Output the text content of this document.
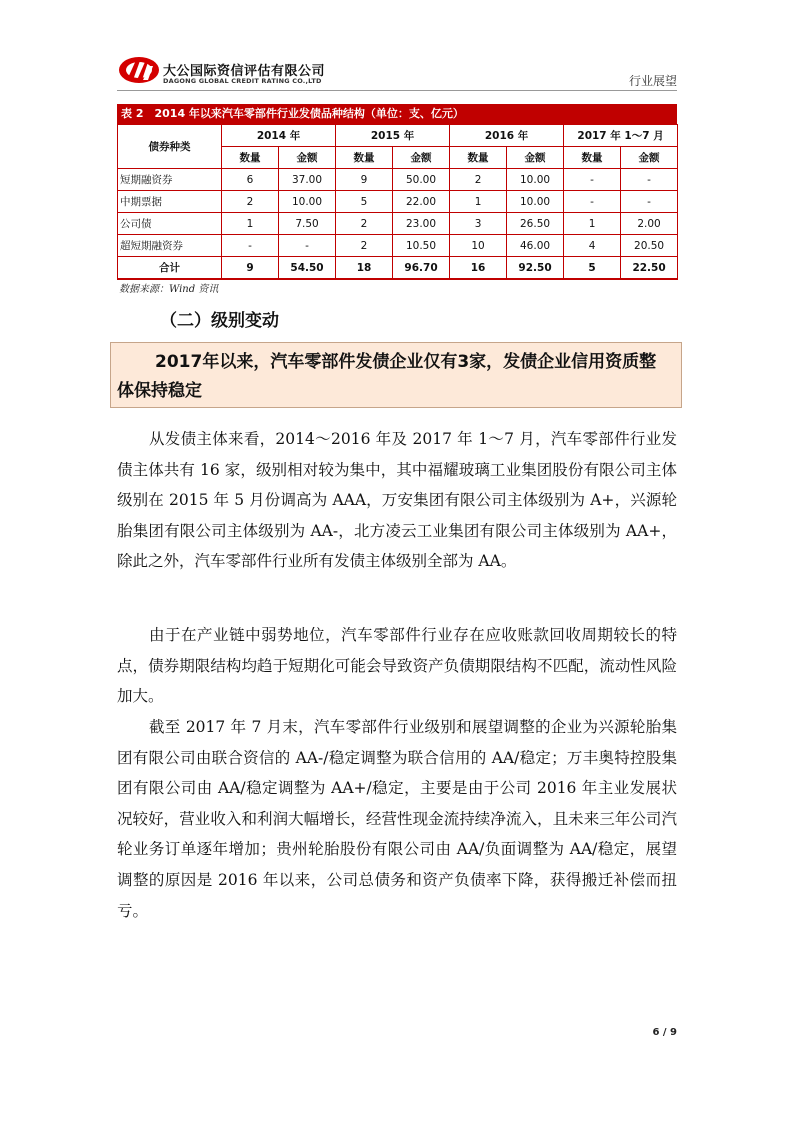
大公国际资信评估有限公司
DAGONG GLOBAL CREDIT RATING CO.,LTD	行业展望
表 2　2014 年以来汽车零部件行业发债品种结构（单位：支、亿元）
债券种类	2014 年		2015 年		2016 年		2017 年 1～7 月	
	数量	金额	数量	金额	数量	金额	数量	金额
短期融资券	6	37.00	9	50.00	2	10.00	-	-
中期票据	2	10.00	5	22.00	1	10.00	-	-
公司债	1	7.50	2	23.00	3	26.50	1	2.00
超短期融资券	-	-	2	10.50	10	46.00	4	20.50
合计	9	54.50	18	96.70	16	92.50	5	22.50
数据来源：Wind 资讯
（二）级别变动
2017年以来，汽车零部件发债企业仅有3家，发债企业信用资质整体保持稳定
从发债主体来看，2014～2016 年及 2017 年 1～7 月，汽车零部件行业发债主体共有 16 家，级别相对较为集中，其中福耀玻璃工业集团股份有限公司主体级别在 2015 年 5 月份调高为 AAA，万安集团有限公司主体级别为 A+，兴源轮胎集团有限公司主体级别为 AA-，北方凌云工业集团有限公司主体级别为 AA+，除此之外，汽车零部件行业所有发债主体级别全部为 AA。
由于在产业链中弱势地位，汽车零部件行业存在应收账款回收周期较长的特点，债券期限结构均趋于短期化可能会导致资产负债期限结构不匹配，流动性风险加大。
截至 2017 年 7 月末，汽车零部件行业级别和展望调整的企业为兴源轮胎集团有限公司由联合资信的 AA-/稳定调整为联合信用的 AA/稳定；万丰奥特控股集团有限公司由 AA/稳定调整为 AA+/稳定，主要是由于公司 2016 年主业发展状况较好，营业收入和利润大幅增长，经营性现金流持续净流入，且未来三年公司汽轮业务订单逐年增加；贵州轮胎股份有限公司由 AA/负面调整为 AA/稳定，展望调整的原因是 2016 年以来，公司总债务和资产负债率下降，获得搬迁补偿而扭亏。
6 / 9
